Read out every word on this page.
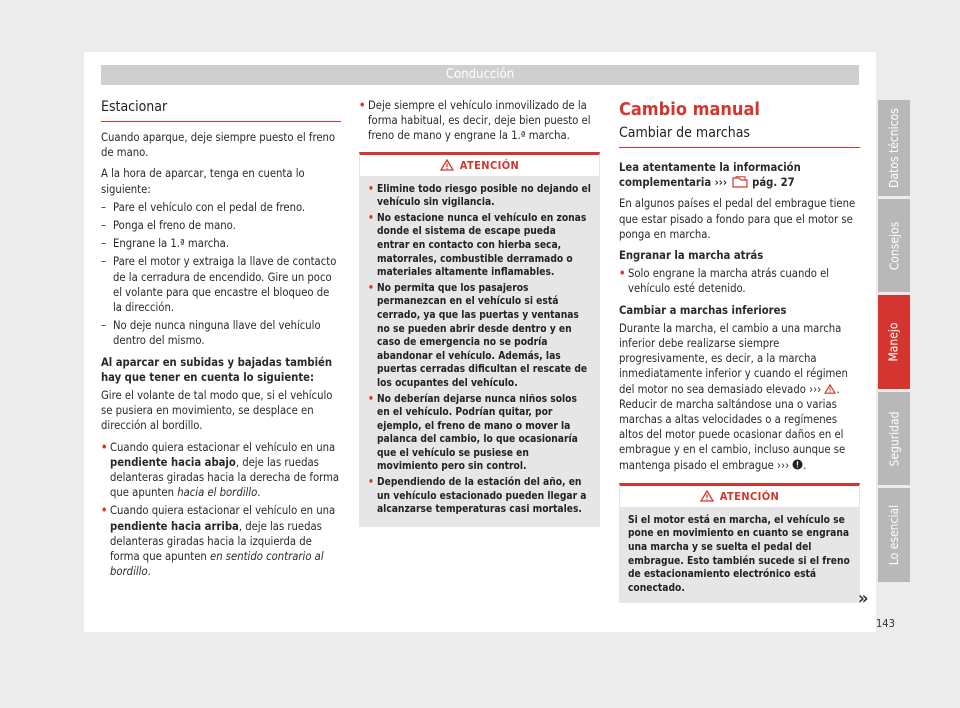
Conducción
Estacionar

Cuando aparque, deje siempre puesto el freno de mano.

A la hora de aparcar, tenga en cuenta lo siguiente:

– Pare el vehículo con el pedal de freno.
– Ponga el freno de mano.
– Engrane la 1.ª marcha.
– Pare el motor y extraiga la llave de contacto de la cerradura de encendido. Gire un poco el volante para que encastre el bloqueo de la dirección.
– No deje nunca ninguna llave del vehículo dentro del mismo.

Al aparcar en subidas y bajadas también hay que tener en cuenta lo siguiente:

Gire el volante de tal modo que, si el vehículo se pusiera en movimiento, se desplace en dirección al bordillo.

• Cuando quiera estacionar el vehículo en una pendiente hacia abajo, deje las ruedas delanteras giradas hacia la derecha de forma que apunten hacia el bordillo.
• Cuando quiera estacionar el vehículo en una pendiente hacia arriba, deje las ruedas delanteras giradas hacia la izquierda de forma que apunten en sentido contrario al bordillo.
• Deje siempre el vehículo inmovilizado de la forma habitual, es decir, deje bien puesto el freno de mano y engrane la 1.ª marcha.
ATENCIÓN
• Elimine todo riesgo posible no dejando el vehículo sin vigilancia.
• No estacione nunca el vehículo en zonas donde el sistema de escape pueda entrar en contacto con hierba seca, matorrales, combustible derramado o materiales altamente inflamables.
• No permita que los pasajeros permanezcan en el vehículo si está cerrado, ya que las puertas y ventanas no se pueden abrir desde dentro y en caso de emergencia no se podría abandonar el vehículo. Además, las puertas cerradas dificultan el rescate de los ocupantes del vehículo.
• No deberían dejarse nunca niños solos en el vehículo. Podrían quitar, por ejemplo, el freno de mano o mover la palanca del cambio, lo que ocasionaría que el vehículo se pusiese en movimiento pero sin control.
• Dependiendo de la estación del año, en un vehículo estacionado pueden llegar a alcanzarse temperaturas casi mortales.
Cambio manual
Cambiar de marchas

Lea atentamente la información complementaria ››› pág. 27

En algunos países el pedal del embrague tiene que estar pisado a fondo para que el motor se ponga en marcha.

Engranar la marcha atrás

• Solo engrane la marcha atrás cuando el vehículo esté detenido.

Cambiar a marchas inferiores

Durante la marcha, el cambio a una marcha inferior debe realizarse siempre progresivamente, es decir, a la marcha inmediatamente inferior y cuando el régimen del motor no sea demasiado elevado ››› . Reducir de marcha saltándose una o varias marchas a altas velocidades o a regímenes altos del motor puede ocasionar daños en el embrague y en el cambio, incluso aunque se mantenga pisado el embrague ››› .

ATENCIÓN
Si el motor está en marcha, el vehículo se pone en movimiento en cuanto se engrana una marcha y se suelta el pedal del embrague. Esto también sucede si el freno de estacionamiento electrónico está conectado.	»
Datos técnicos
Consejos
Manejo
Seguridad
Lo esencial
143
